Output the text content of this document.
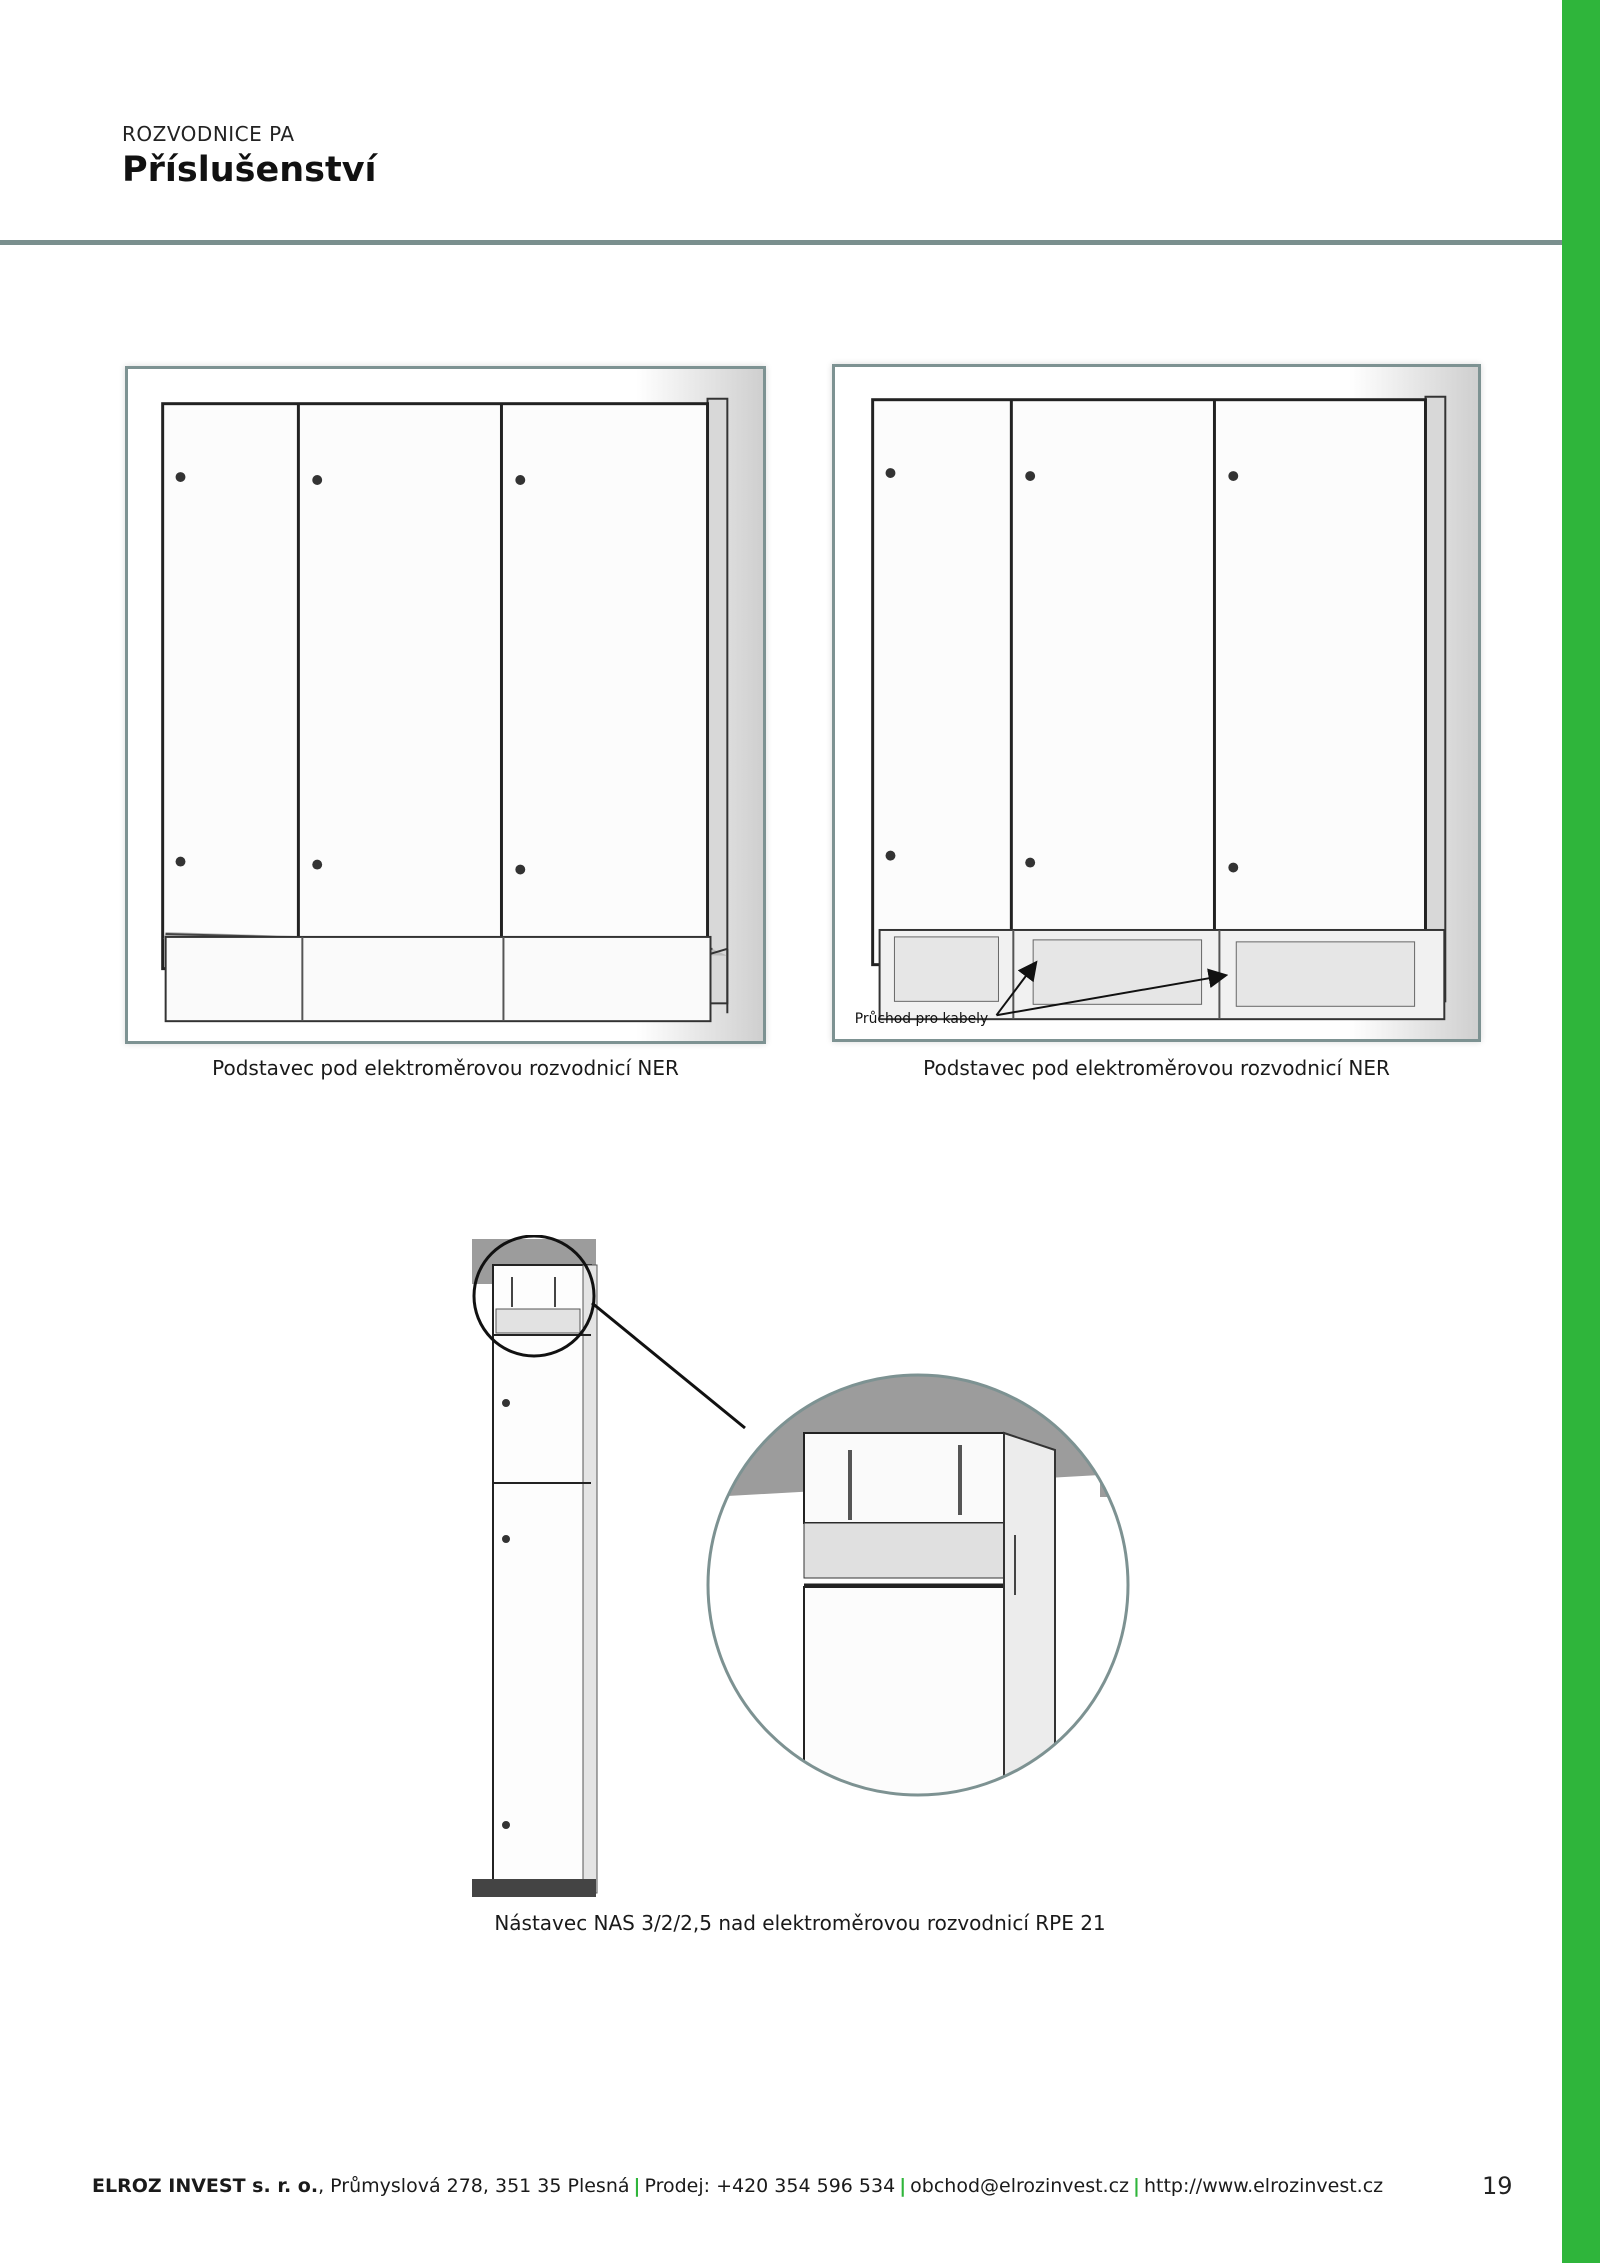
ROZVODNICE PA
Příslušenství
Podstavec pod elektroměrovou rozvodnicí NER
Průchod pro kabely
Podstavec pod elektroměrovou rozvodnicí NER
Nástavec NAS 3/2/2,5 nad elektroměrovou rozvodnicí RPE 21
ELROZ INVEST s. r. o., Průmyslová 278, 351 35 Plesná | Prodej: +420 354 596 534 | obchod@elrozinvest.cz | http://www.elrozinvest.cz	19
